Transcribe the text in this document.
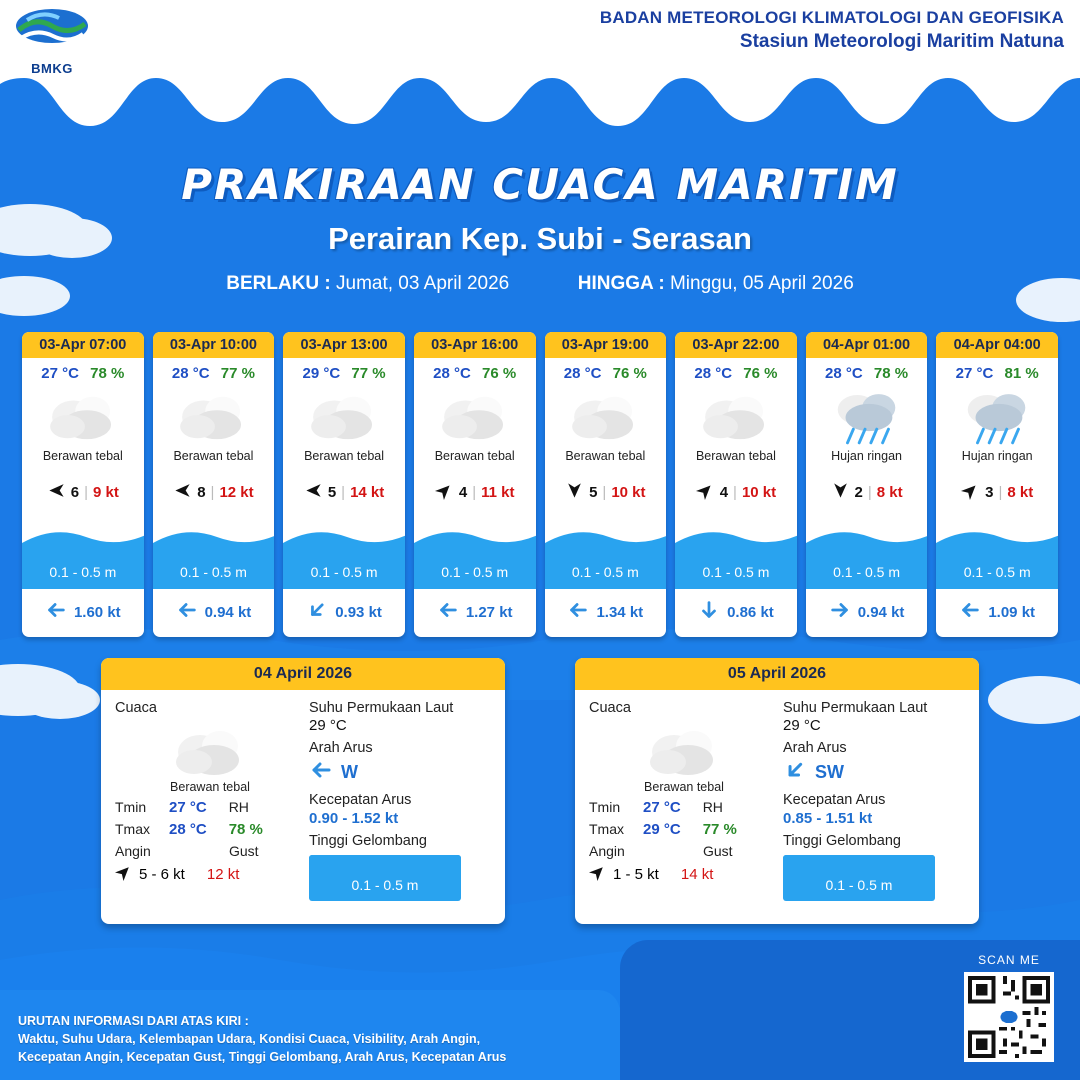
BMKG
BADAN METEOROLOGI KLIMATOLOGI DAN GEOFISIKA
Stasiun Meteorologi Maritim Natuna
PRAKIRAAN CUACA MARITIM
Perairan Kep. Subi - Serasan
BERLAKU : Jumat, 03 April 2026	HINGGA : Minggu, 05 April 2026
03-Apr 07:00
27 °C 78 %
Berawan tebal
6 | 9 kt
0.1 - 0.5 m
1.60 kt
03-Apr 10:00
28 °C 77 %
Berawan tebal
8 | 12 kt
0.1 - 0.5 m
0.94 kt
03-Apr 13:00
29 °C 77 %
Berawan tebal
5 | 14 kt
0.1 - 0.5 m
0.93 kt
03-Apr 16:00
28 °C 76 %
Berawan tebal
4 | 11 kt
0.1 - 0.5 m
1.27 kt
03-Apr 19:00
28 °C 76 %
Berawan tebal
5 | 10 kt
0.1 - 0.5 m
1.34 kt
03-Apr 22:00
28 °C 76 %
Berawan tebal
4 | 10 kt
0.1 - 0.5 m
0.86 kt
04-Apr 01:00
28 °C 78 %
Hujan ringan
2 | 8 kt
0.1 - 0.5 m
0.94 kt
04-Apr 04:00
27 °C 81 %
Hujan ringan
3 | 8 kt
0.1 - 0.5 m
1.09 kt
04 April 2026
Cuaca
Berawan tebal
Tmin	27 °C RH
Tmax	28 °C 78 %
Angin	Gust
5 - 6 kt 12 kt
Suhu Permukaan Laut
29 °C
Arah Arus
W
Kecepatan Arus
0.90 - 1.52 kt
Tinggi Gelombang
0.1 - 0.5 m
05 April 2026
Cuaca
Berawan tebal
Tmin	27 °C RH
Tmax	29 °C 77 %
Angin	Gust
1 - 5 kt 14 kt
Suhu Permukaan Laut
29 °C
Arah Arus
SW
Kecepatan Arus
0.85 - 1.51 kt
Tinggi Gelombang
0.1 - 0.5 m
URUTAN INFORMASI DARI ATAS KIRI :
Waktu, Suhu Udara, Kelembapan Udara, Kondisi Cuaca, Visibility, Arah Angin,
Kecepatan Angin, Kecepatan Gust, Tinggi Gelombang, Arah Arus, Kecepatan Arus
SCAN ME
